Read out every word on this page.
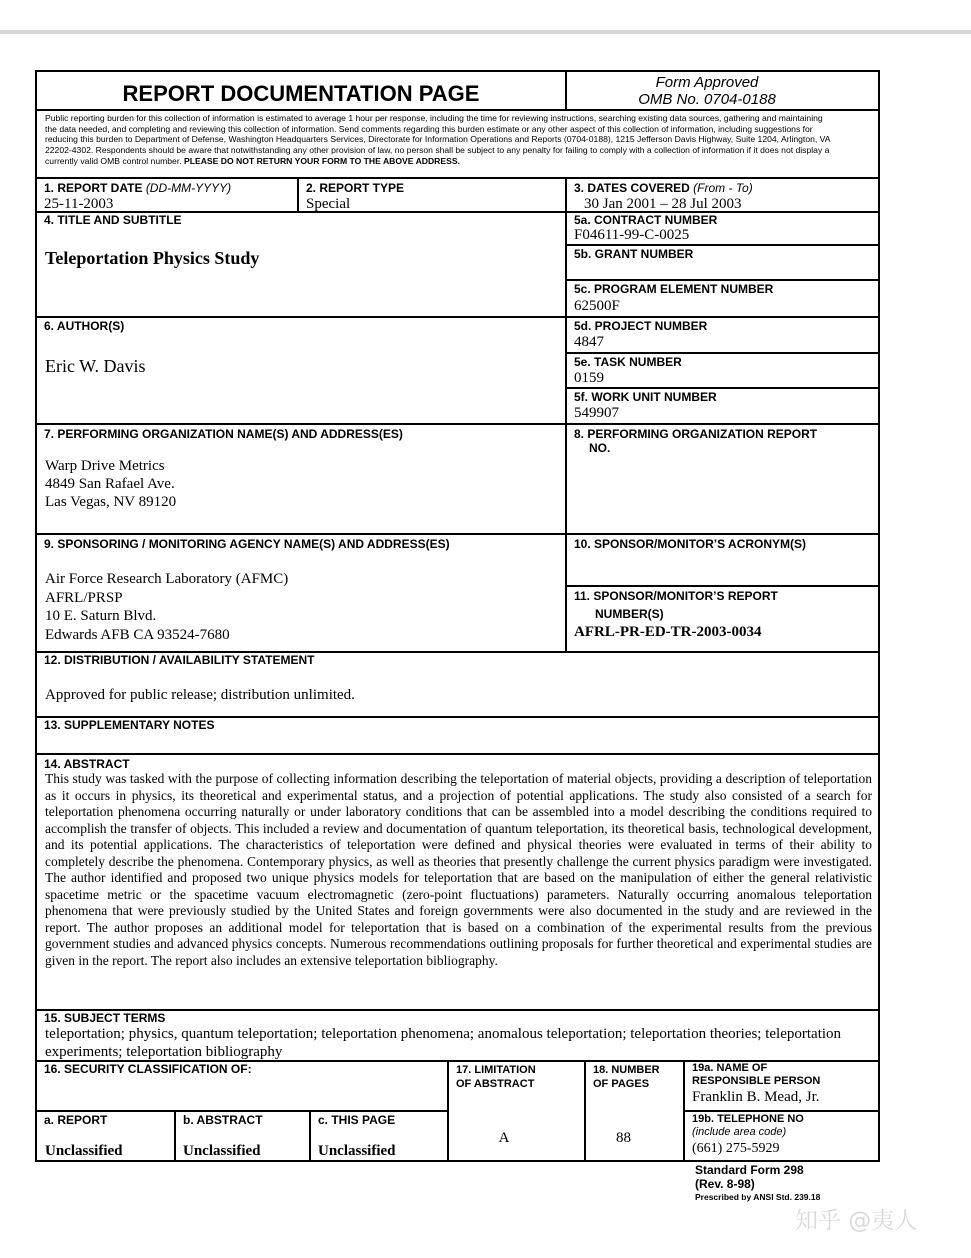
REPORT DOCUMENTATION PAGE	Form Approved
OMB No. 0704-0188
Public reporting burden for this collection of information is estimated to average 1 hour per response, including the time for reviewing instructions, searching existing data sources, gathering and maintaining the data needed, and completing and reviewing this collection of information. Send comments regarding this burden estimate or any other aspect of this collection of information, including suggestions for reducing this burden to Department of Defense, Washington Headquarters Services, Directorate for Information Operations and Reports (0704-0188), 1215 Jefferson Davis Highway, Suite 1204, Arlington, VA 22202-4302. Respondents should be aware that notwithstanding any other provision of law, no person shall be subject to any penalty for failing to comply with a collection of information if it does not display a currently valid OMB control number. PLEASE DO NOT RETURN YOUR FORM TO THE ABOVE ADDRESS.
1. REPORT DATE (DD-MM-YYYY)
25-11-2003
2. REPORT TYPE
Special
3. DATES COVERED (From - To)
30 Jan 2001 – 28 Jul 2003
4. TITLE AND SUBTITLE
Teleportation Physics Study
5a. CONTRACT NUMBER
F04611-99-C-0025
5b. GRANT NUMBER
5c. PROGRAM ELEMENT NUMBER
62500F
6. AUTHOR(S)
Eric W. Davis
5d. PROJECT NUMBER
4847
5e. TASK NUMBER
0159
5f. WORK UNIT NUMBER
549907
7. PERFORMING ORGANIZATION NAME(S) AND ADDRESS(ES)
Warp Drive Metrics
4849 San Rafael Ave.
Las Vegas, NV 89120
8. PERFORMING ORGANIZATION REPORT
NO.
9. SPONSORING / MONITORING AGENCY NAME(S) AND ADDRESS(ES)
Air Force Research Laboratory (AFMC)
AFRL/PRSP
10 E. Saturn Blvd.
Edwards AFB CA 93524-7680
10. SPONSOR/MONITOR’S ACRONYM(S)
11. SPONSOR/MONITOR’S REPORT
NUMBER(S)
AFRL-PR-ED-TR-2003-0034
12. DISTRIBUTION / AVAILABILITY STATEMENT
Approved for public release; distribution unlimited.
13. SUPPLEMENTARY NOTES
14. ABSTRACT
This study was tasked with the purpose of collecting information describing the teleportation of material objects, providing a description of teleportation as it occurs in physics, its theoretical and experimental status, and a projection of potential applications. The study also consisted of a search for teleportation phenomena occurring naturally or under laboratory conditions that can be assembled into a model describing the conditions required to accomplish the transfer of objects. This included a review and documentation of quantum teleportation, its theoretical basis, technological development, and its potential applications. The characteristics of teleportation were defined and physical theories were evaluated in terms of their ability to completely describe the phenomena. Contemporary physics, as well as theories that presently challenge the current physics paradigm were investigated. The author identified and proposed two unique physics models for teleportation that are based on the manipulation of either the general relativistic spacetime metric or the spacetime vacuum electromagnetic (zero-point fluctuations) parameters. Naturally occurring anomalous teleportation phenomena that were previously studied by the United States and foreign governments were also documented in the study and are reviewed in the report. The author proposes an additional model for teleportation that is based on a combination of the experimental results from the previous government studies and advanced physics concepts. Numerous recommendations outlining proposals for further theoretical and experimental studies are given in the report. The report also includes an extensive teleportation bibliography.
15. SUBJECT TERMS
teleportation; physics, quantum teleportation; teleportation phenomena; anomalous teleportation; teleportation theories; teleportation experiments; teleportation bibliography
16. SECURITY CLASSIFICATION OF:	17. LIMITATION
OF ABSTRACT
A
18. NUMBER
OF PAGES
88
19a. NAME OF
RESPONSIBLE PERSON
Franklin B. Mead, Jr.
a. REPORT
Unclassified
b. ABSTRACT
Unclassified
c. THIS PAGE
Unclassified
19b. TELEPHONE NO
(include area code)
(661) 275-5929
Standard Form 298
(Rev. 8-98)
Prescribed by ANSI Std. 239.18
知乎 @夷人
